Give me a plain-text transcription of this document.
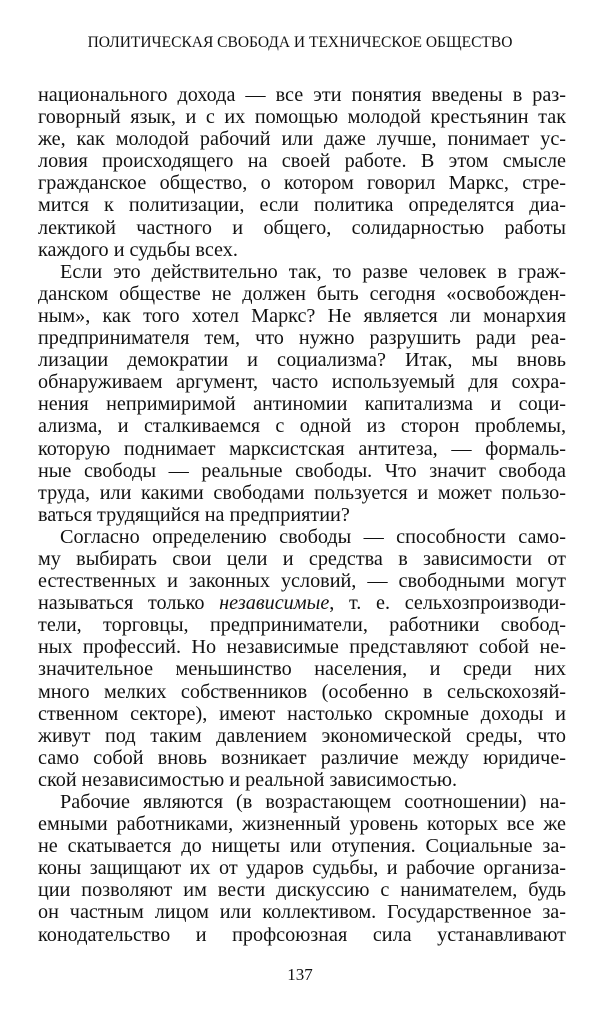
ПОЛИТИЧЕСКАЯ СВОБОДА И ТЕХНИЧЕСКОЕ ОБЩЕСТВО
национального дохода — все эти понятия введены в раз-
говорный язык, и с их помощью молодой крестьянин так
же, как молодой рабочий или даже лучше, понимает ус-
ловия происходящего на своей работе. В этом смысле
гражданское общество, о котором говорил Маркс, стре-
мится к политизации, если политика определятся диа-
лектикой частного и общего, солидарностью работы
каждого и судьбы всех.
Если это действительно так, то разве человек в граж-
данском обществе не должен быть сегодня «освобожден-
ным», как того хотел Маркс? Не является ли монархия
предпринимателя тем, что нужно разрушить ради реа-
лизации демократии и социализма? Итак, мы вновь
обнаруживаем аргумент, часто используемый для сохра-
нения непримиримой антиномии капитализма и соци-
ализма, и сталкиваемся с одной из сторон проблемы,
которую поднимает марксистская антитеза, — формаль-
ные свободы — реальные свободы. Что значит свобода
труда, или какими свободами пользуется и может пользо-
ваться трудящийся на предприятии?
Согласно определению свободы — способности само-
му выбирать свои цели и средства в зависимости от
естественных и законных условий, — свободными могут
называться только независимые, т. е. сельхозпроизводи-
тели, торговцы, предприниматели, работники свобод-
ных профессий. Но независимые представляют собой не-
значительное меньшинство населения, и среди них
много мелких собственников (особенно в сельскохозяй-
ственном секторе), имеют настолько скромные доходы и
живут под таким давлением экономической среды, что
само собой вновь возникает различие между юридиче-
ской независимостью и реальной зависимостью.
Рабочие являются (в возрастающем соотношении) на-
емными работниками, жизненный уровень которых все же
не скатывается до нищеты или отупения. Социальные за-
коны защищают их от ударов судьбы, и рабочие организа-
ции позволяют им вести дискуссию с нанимателем, будь
он частным лицом или коллективом. Государственное за-
конодательство и профсоюзная сила устанавливают
137
